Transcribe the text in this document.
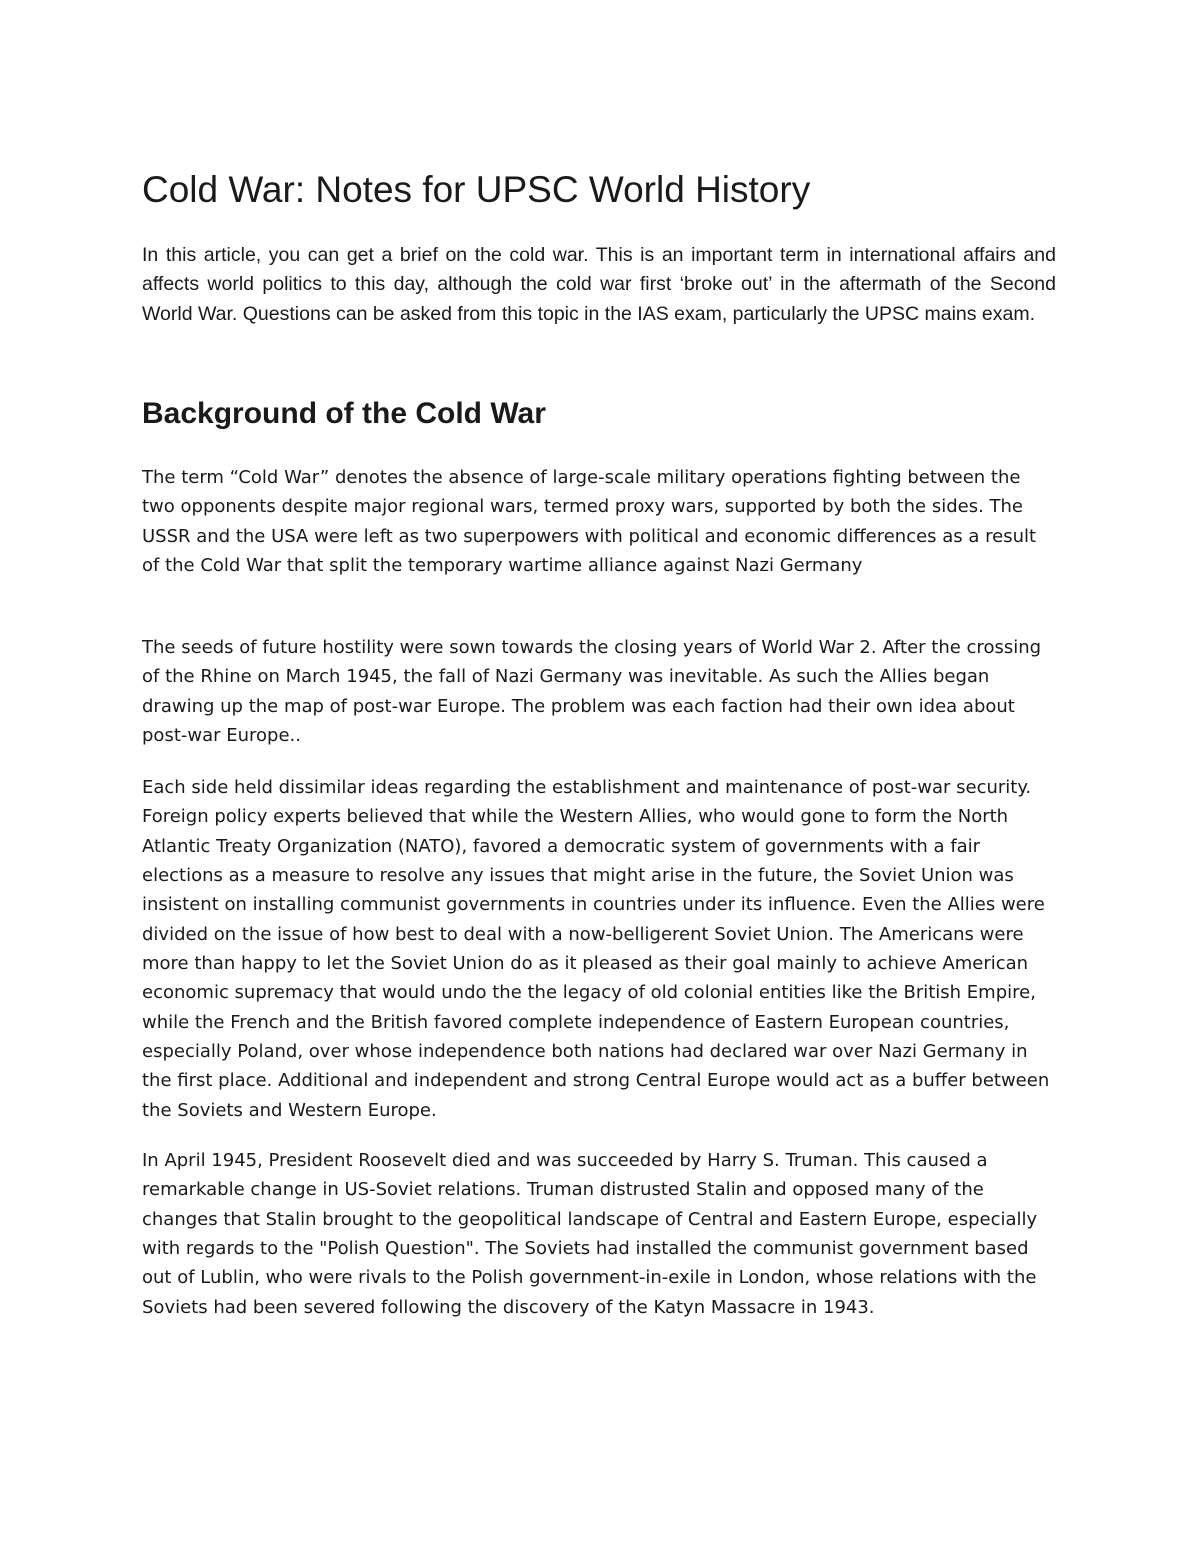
Cold War: Notes for UPSC World History

In this article, you can get a brief on the cold war. This is an important term in international affairs and affects world politics to this day, although the cold war first ‘broke out’ in the aftermath of the Second World War. Questions can be asked from this topic in the IAS exam, particularly the UPSC mains exam.

Background of the Cold War

The term “Cold War” denotes the absence of large-scale military operations fighting between the two opponents despite major regional wars, termed proxy wars, supported by both the sides. The USSR and the USA were left as two superpowers with political and economic differences as a result of the Cold War that split the temporary wartime alliance against Nazi Germany

The seeds of future hostility were sown towards the closing years of World War 2. After the crossing of the Rhine on March 1945, the fall of Nazi Germany was inevitable. As such the Allies began drawing up the map of post-war Europe. The problem was each faction had their own idea about post-war Europe..

Each side held dissimilar ideas regarding the establishment and maintenance of post-war security. Foreign policy experts believed that while the Western Allies, who would gone to form the North Atlantic Treaty Organization (NATO), favored a democratic system of governments with a fair elections as a measure to resolve any issues that might arise in the future, the Soviet Union was insistent on installing communist governments in countries under its influence. Even the Allies were divided on the issue of how best to deal with a now-belligerent Soviet Union. The Americans were more than happy to let the Soviet Union do as it pleased as their goal mainly to achieve American economic supremacy that would undo the the legacy of old colonial entities like the British Empire, while the French and the British favored complete independence of Eastern European countries, especially Poland, over whose independence both nations had declared war over Nazi Germany in the first place. Additional and independent and strong Central Europe would act as a buffer between the Soviets and Western Europe.

In April 1945, President Roosevelt died and was succeeded by Harry S. Truman. This caused a remarkable change in US-Soviet relations. Truman distrusted Stalin and opposed many of the changes that Stalin brought to the geopolitical landscape of Central and Eastern Europe, especially with regards to the "Polish Question". The Soviets had installed the communist government based out of Lublin, who were rivals to the Polish government-in-exile in London, whose relations with the Soviets had been severed following the discovery of the Katyn Massacre in 1943.
